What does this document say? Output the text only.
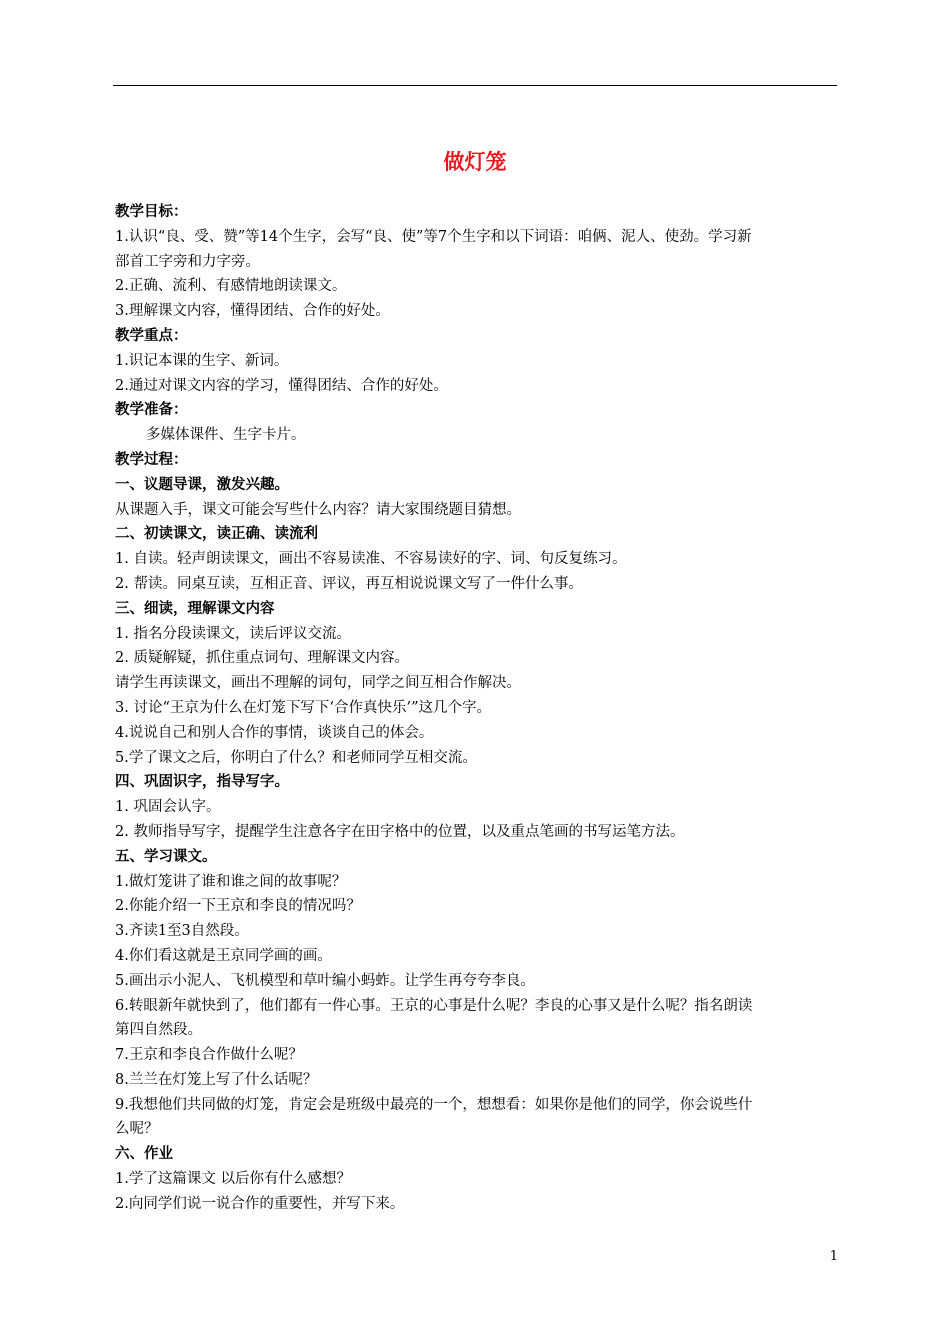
做灯笼
教学目标：
1.认识“良、受、赞”等14个生字，会写“良、使”等7个生字和以下词语：咱俩、泥人、使劲。学习新
部首工字旁和力字旁。
2.正确、流利、有感情地朗读课文。
3.理解课文内容，懂得团结、合作的好处。
教学重点：
1.识记本课的生字、新词。
2.通过对课文内容的学习，懂得团结、合作的好处。
教学准备：
多媒体课件、生字卡片。
教学过程：
一、议题导课，激发兴趣。
从课题入手，课文可能会写些什么内容？请大家围绕题目猜想。
二、初读课文，读正确、读流利
1. 自读。轻声朗读课文，画出不容易读准、不容易读好的字、词、句反复练习。
2. 帮读。同桌互读，互相正音、评议，再互相说说课文写了一件什么事。
三、细读，理解课文内容
1. 指名分段读课文，读后评议交流。
2. 质疑解疑，抓住重点词句、理解课文内容。
请学生再读课文，画出不理解的词句，同学之间互相合作解决。
3. 讨论“王京为什么在灯笼下写下‘合作真快乐’”这几个字。
4.说说自己和别人合作的事情，谈谈自己的体会。
5.学了课文之后，你明白了什么？和老师同学互相交流。
四、巩固识字，指导写字。
1. 巩固会认字。
2. 教师指导写字，提醒学生注意各字在田字格中的位置，以及重点笔画的书写运笔方法。
五、学习课文。
1.做灯笼讲了谁和谁之间的故事呢？
2.你能介绍一下王京和李良的情况吗？
3.齐读1至3自然段。
4.你们看这就是王京同学画的画。
5.画出示小泥人、飞机模型和草叶编小蚂蚱。让学生再夸夸李良。
6.转眼新年就快到了，他们都有一件心事。王京的心事是什么呢？李良的心事又是什么呢？指名朗读
第四自然段。
7.王京和李良合作做什么呢？
8.兰兰在灯笼上写了什么话呢？
9.我想他们共同做的灯笼，肯定会是班级中最亮的一个，想想看：如果你是他们的同学，你会说些什
么呢？
六、作业
1.学了这篇课文 以后你有什么感想？
2.向同学们说一说合作的重要性，并写下来。
1
